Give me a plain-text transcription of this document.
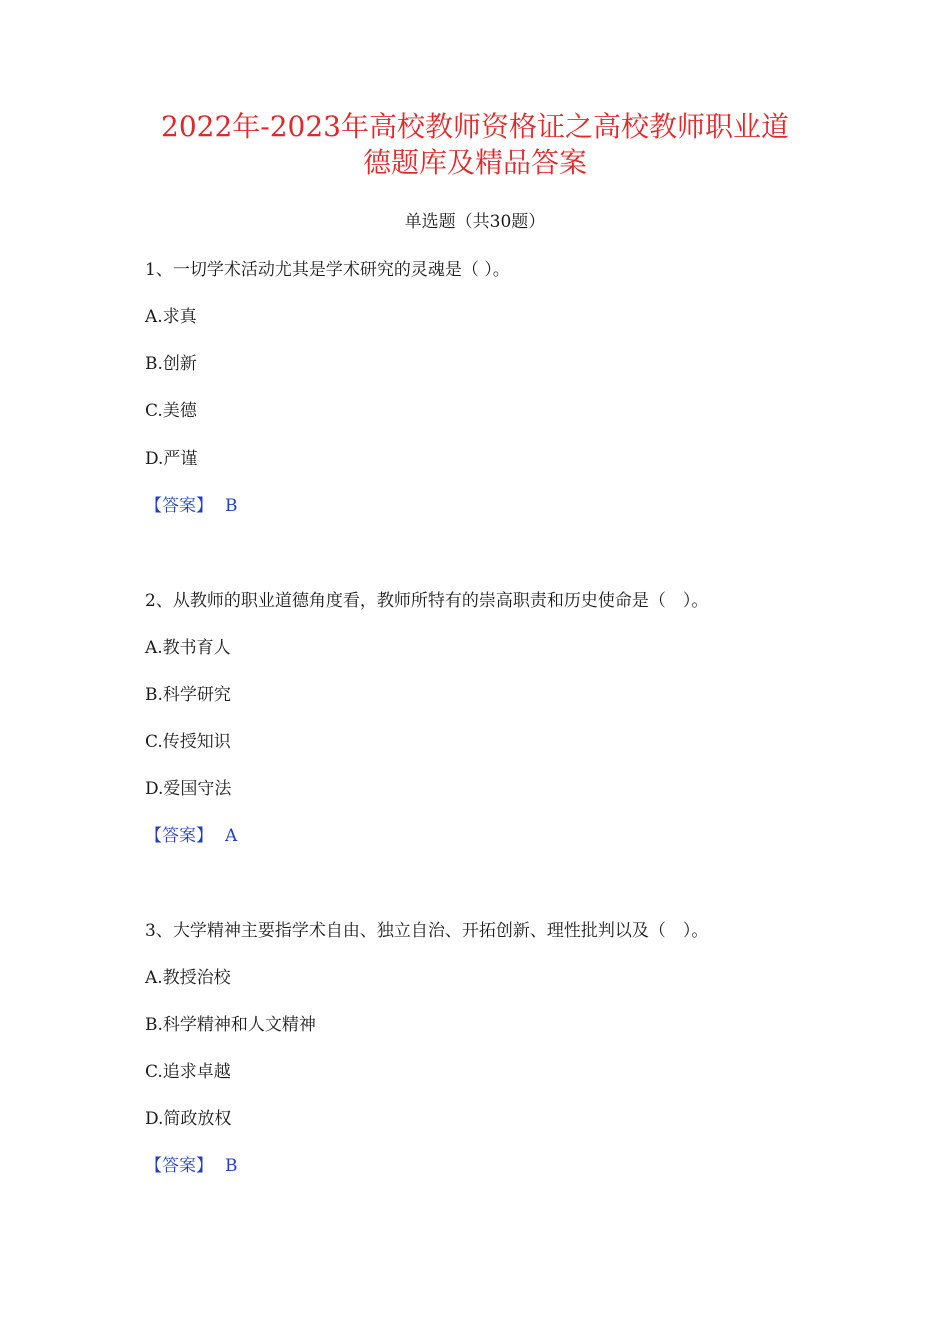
2022年-2023年高校教师资格证之高校教师职业道
德题库及精品答案
单选题（共30题）
1、一切学术活动尤其是学术研究的灵魂是（ ）。
A.求真
B.创新
C.美德
D.严谨
【答案】 B
2、从教师的职业道德角度看，教师所特有的崇高职责和历史使命是（　）。
A.教书育人
B.科学研究
C.传授知识
D.爱国守法
【答案】 A
3、大学精神主要指学术自由、独立自治、开拓创新、理性批判以及（　）。
A.教授治校
B.科学精神和人文精神
C.追求卓越
D.简政放权
【答案】 B
